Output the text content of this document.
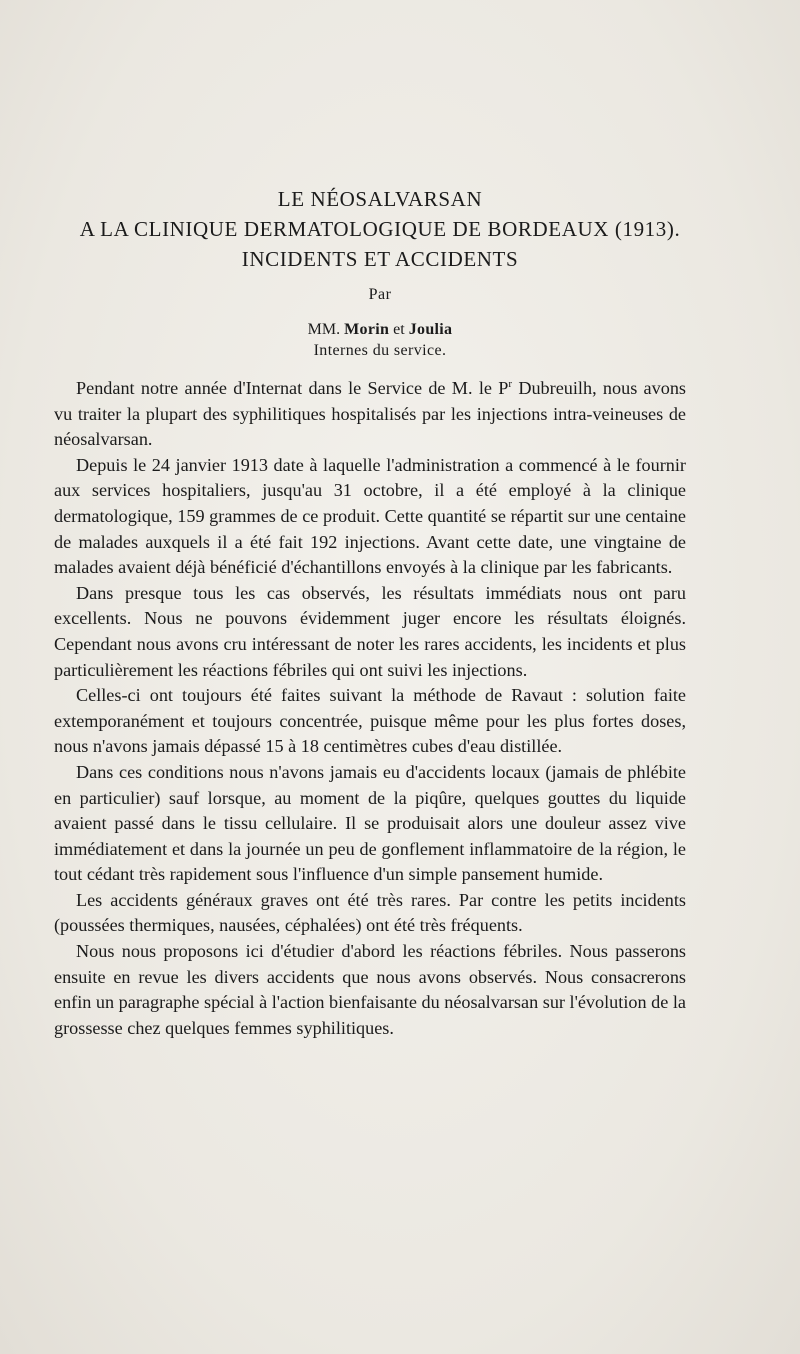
LE NÉOSALVARSAN
A LA CLINIQUE DERMATOLOGIQUE DE BORDEAUX (1913).
INCIDENTS ET ACCIDENTS
Par
MM. Morin et Joulia
Internes du service.

Pendant notre année d'Internat dans le Service de M. le $P^r$ Dubreuilh, nous avons vu traiter la plupart des syphilitiques hospitalisés par les injections intra-veineuses de néosalvarsan.

Depuis le 24 janvier 1913 date à laquelle l'administration a commencé à le fournir aux services hospitaliers, jusqu'au 31 octobre, il a été employé à la clinique dermatologique, 159 grammes de ce produit. Cette quantité se répartit sur une centaine de malades auxquels il a été fait 192 injections. Avant cette date, une vingtaine de malades avaient déjà bénéficié d'échantillons envoyés à la clinique par les fabricants.

Dans presque tous les cas observés, les résultats immédiats nous ont paru excellents. Nous ne pouvons évidemment juger encore les résultats éloignés. Cependant nous avons cru intéressant de noter les rares accidents, les incidents et plus particulièrement les réactions fébriles qui ont suivi les injections.

Celles-ci ont toujours été faites suivant la méthode de Ravaut : solution faite extemporanément et toujours concentrée, puisque même pour les plus fortes doses, nous n'avons jamais dépassé 15 à 18 centimètres cubes d'eau distillée.

Dans ces conditions nous n'avons jamais eu d'accidents locaux (jamais de phlébite en particulier) sauf lorsque, au moment de la piqûre, quelques gouttes du liquide avaient passé dans le tissu cellulaire. Il se produisait alors une douleur assez vive immédiatement et dans la journée un peu de gonflement inflammatoire de la région, le tout cédant très rapidement sous l'influence d'un simple pansement humide.

Les accidents généraux graves ont été très rares. Par contre les petits incidents (poussées thermiques, nausées, céphalées) ont été très fréquents.

Nous nous proposons ici d'étudier d'abord les réactions fébriles. Nous passerons ensuite en revue les divers accidents que nous avons observés. Nous consacrerons enfin un paragraphe spécial à l'action bienfaisante du néosalvarsan sur l'évolution de la grossesse chez quelques femmes syphilitiques.
